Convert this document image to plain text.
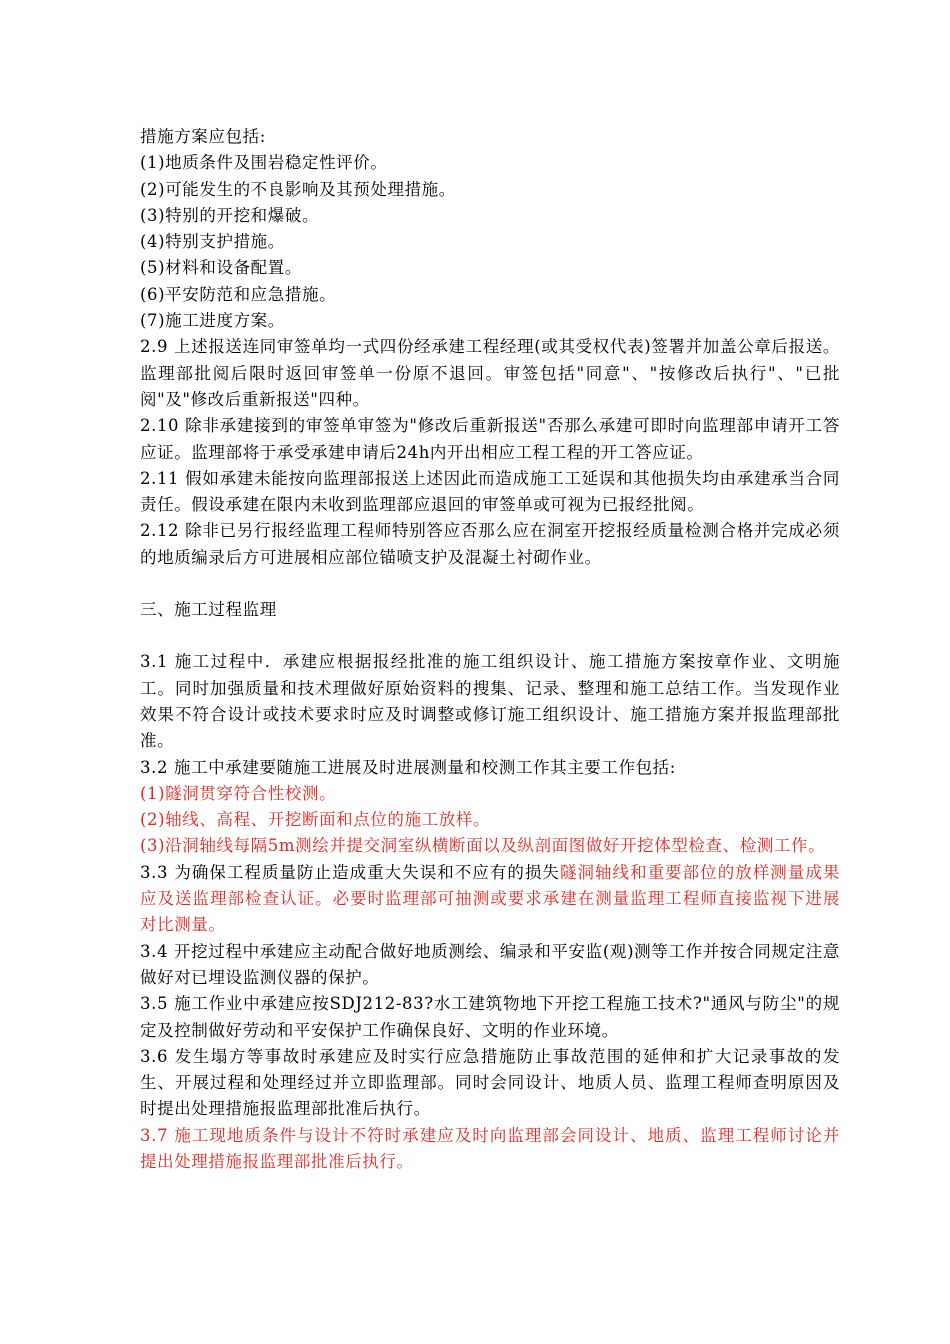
措施方案应包括:
(1)地质条件及围岩稳定性评价。
(2)可能发生的不良影响及其预处理措施。
(3)特别的开挖和爆破。
(4)特别支护措施。
(5)材料和设备配置。
(6)平安防范和应急措施。
(7)施工进度方案。
2.9 上述报送连同审签单均一式四份经承建工程经理(或其受权代表)签署并加盖公章后报送。监理部批阅后限时返回审签单一份原不退回。审签包括"同意"、"按修改后执行"、"已批阅"及"修改后重新报送"四种。
2.10 除非承建接到的审签单审签为"修改后重新报送"否那么承建可即时向监理部申请开工答应证。监理部将于承受承建申请后24h内开出相应工程工程的开工答应证。
2.11 假如承建未能按向监理部报送上述因此而造成施工工延误和其他损失均由承建承当合同责任。假设承建在限内未收到监理部应退回的审签单或可视为已报经批阅。
2.12 除非已另行报经监理工程师特别答应否那么应在洞室开挖报经质量检测合格并完成必须的地质编录后方可进展相应部位锚喷支护及混凝土衬砌作业。
三、施工过程监理
3.1 施工过程中．承建应根据报经批准的施工组织设计、施工措施方案按章作业、文明施工。同时加强质量和技术理做好原始资料的搜集、记录、整理和施工总结工作。当发现作业效果不符合设计或技术要求时应及时调整或修订施工组织设计、施工措施方案并报监理部批准。
3.2 施工中承建要随施工进展及时进展测量和校测工作其主要工作包括:
(1)隧洞贯穿符合性校测。
(2)轴线、高程、开挖断面和点位的施工放样。
(3)沿洞轴线每隔5m测绘并提交洞室纵横断面以及纵剖面图做好开挖体型检查、检测工作。
3.3 为确保工程质量防止造成重大失误和不应有的损失隧洞轴线和重要部位的放样测量成果应及送监理部检查认证。必要时监理部可抽测或要求承建在测量监理工程师直接监视下进展对比测量。
3.4 开挖过程中承建应主动配合做好地质测绘、编录和平安监(观)测等工作并按合同规定注意做好对已埋设监测仪器的保护。
3.5 施工作业中承建应按SDJ212-83?水工建筑物地下开挖工程施工技术?"通风与防尘"的规定及控制做好劳动和平安保护工作确保良好、文明的作业环境。
3.6 发生塌方等事故时承建应及时实行应急措施防止事故范围的延伸和扩大记录事故的发生、开展过程和处理经过并立即监理部。同时会同设计、地质人员、监理工程师查明原因及时提出处理措施报监理部批准后执行。
3.7 施工现地质条件与设计不符时承建应及时向监理部会同设计、地质、监理工程师讨论并提出处理措施报监理部批准后执行。
